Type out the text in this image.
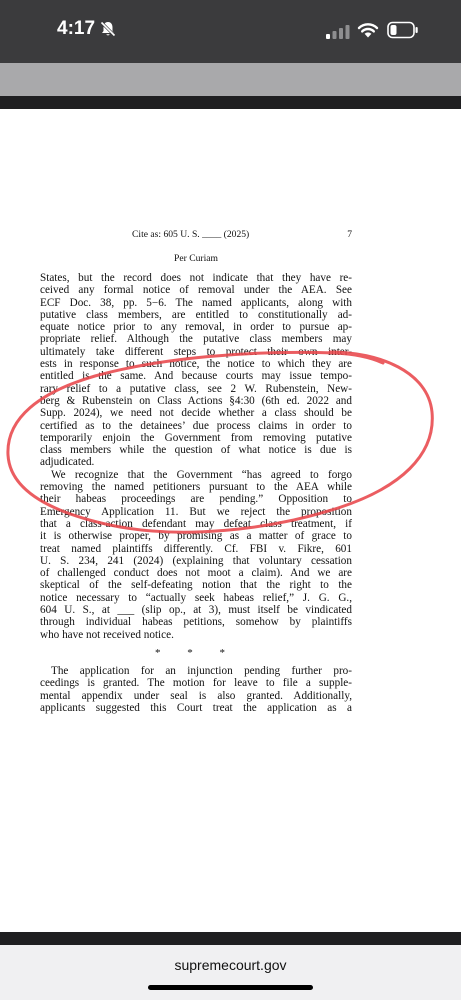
4:17
Cite as: 605 U. S. ____ (2025)	7
Per Curiam
States, but the record does not indicate that they have re-
ceived any formal notice of removal under the AEA. See
ECF Doc. 38, pp. 5−6. The named applicants, along with
putative class members, are entitled to constitutionally ad-
equate notice prior to any removal, in order to pursue ap-
propriate relief. Although the putative class members may
ultimately take different steps to protect their own inter-
ests in response to such notice, the notice to which they are
entitled is the same. And because courts may issue tempo-
rary relief to a putative class, see 2 W. Rubenstein, New-
berg & Rubenstein on Class Actions §4:30 (6th ed. 2022 and
Supp. 2024), we need not decide whether a class should be
certified as to the detainees’ due process claims in order to
temporarily enjoin the Government from removing putative
class members while the question of what notice is due is
adjudicated.
We recognize that the Government “has agreed to forgo
removing the named petitioners pursuant to the AEA while
their habeas proceedings are pending.” Opposition to
Emergency Application 11. But we reject the proposition
that a class-action defendant may defeat class treatment, if
it is otherwise proper, by promising as a matter of grace to
treat named plaintiffs differently. Cf. FBI v. Fikre, 601
U. S. 234, 241 (2024) (explaining that voluntary cessation
of challenged conduct does not moot a claim). And we are
skeptical of the self-defeating notion that the right to the
notice necessary to “actually seek habeas relief,” J. G. G.,
604 U. S., at ___ (slip op., at 3), must itself be vindicated
through individual habeas petitions, somehow by plaintiffs
who have not received notice.
* * *
The application for an injunction pending further pro-
ceedings is granted. The motion for leave to file a supple-
mental appendix under seal is also granted. Additionally,
applicants suggested this Court treat the application as a
supremecourt.gov
